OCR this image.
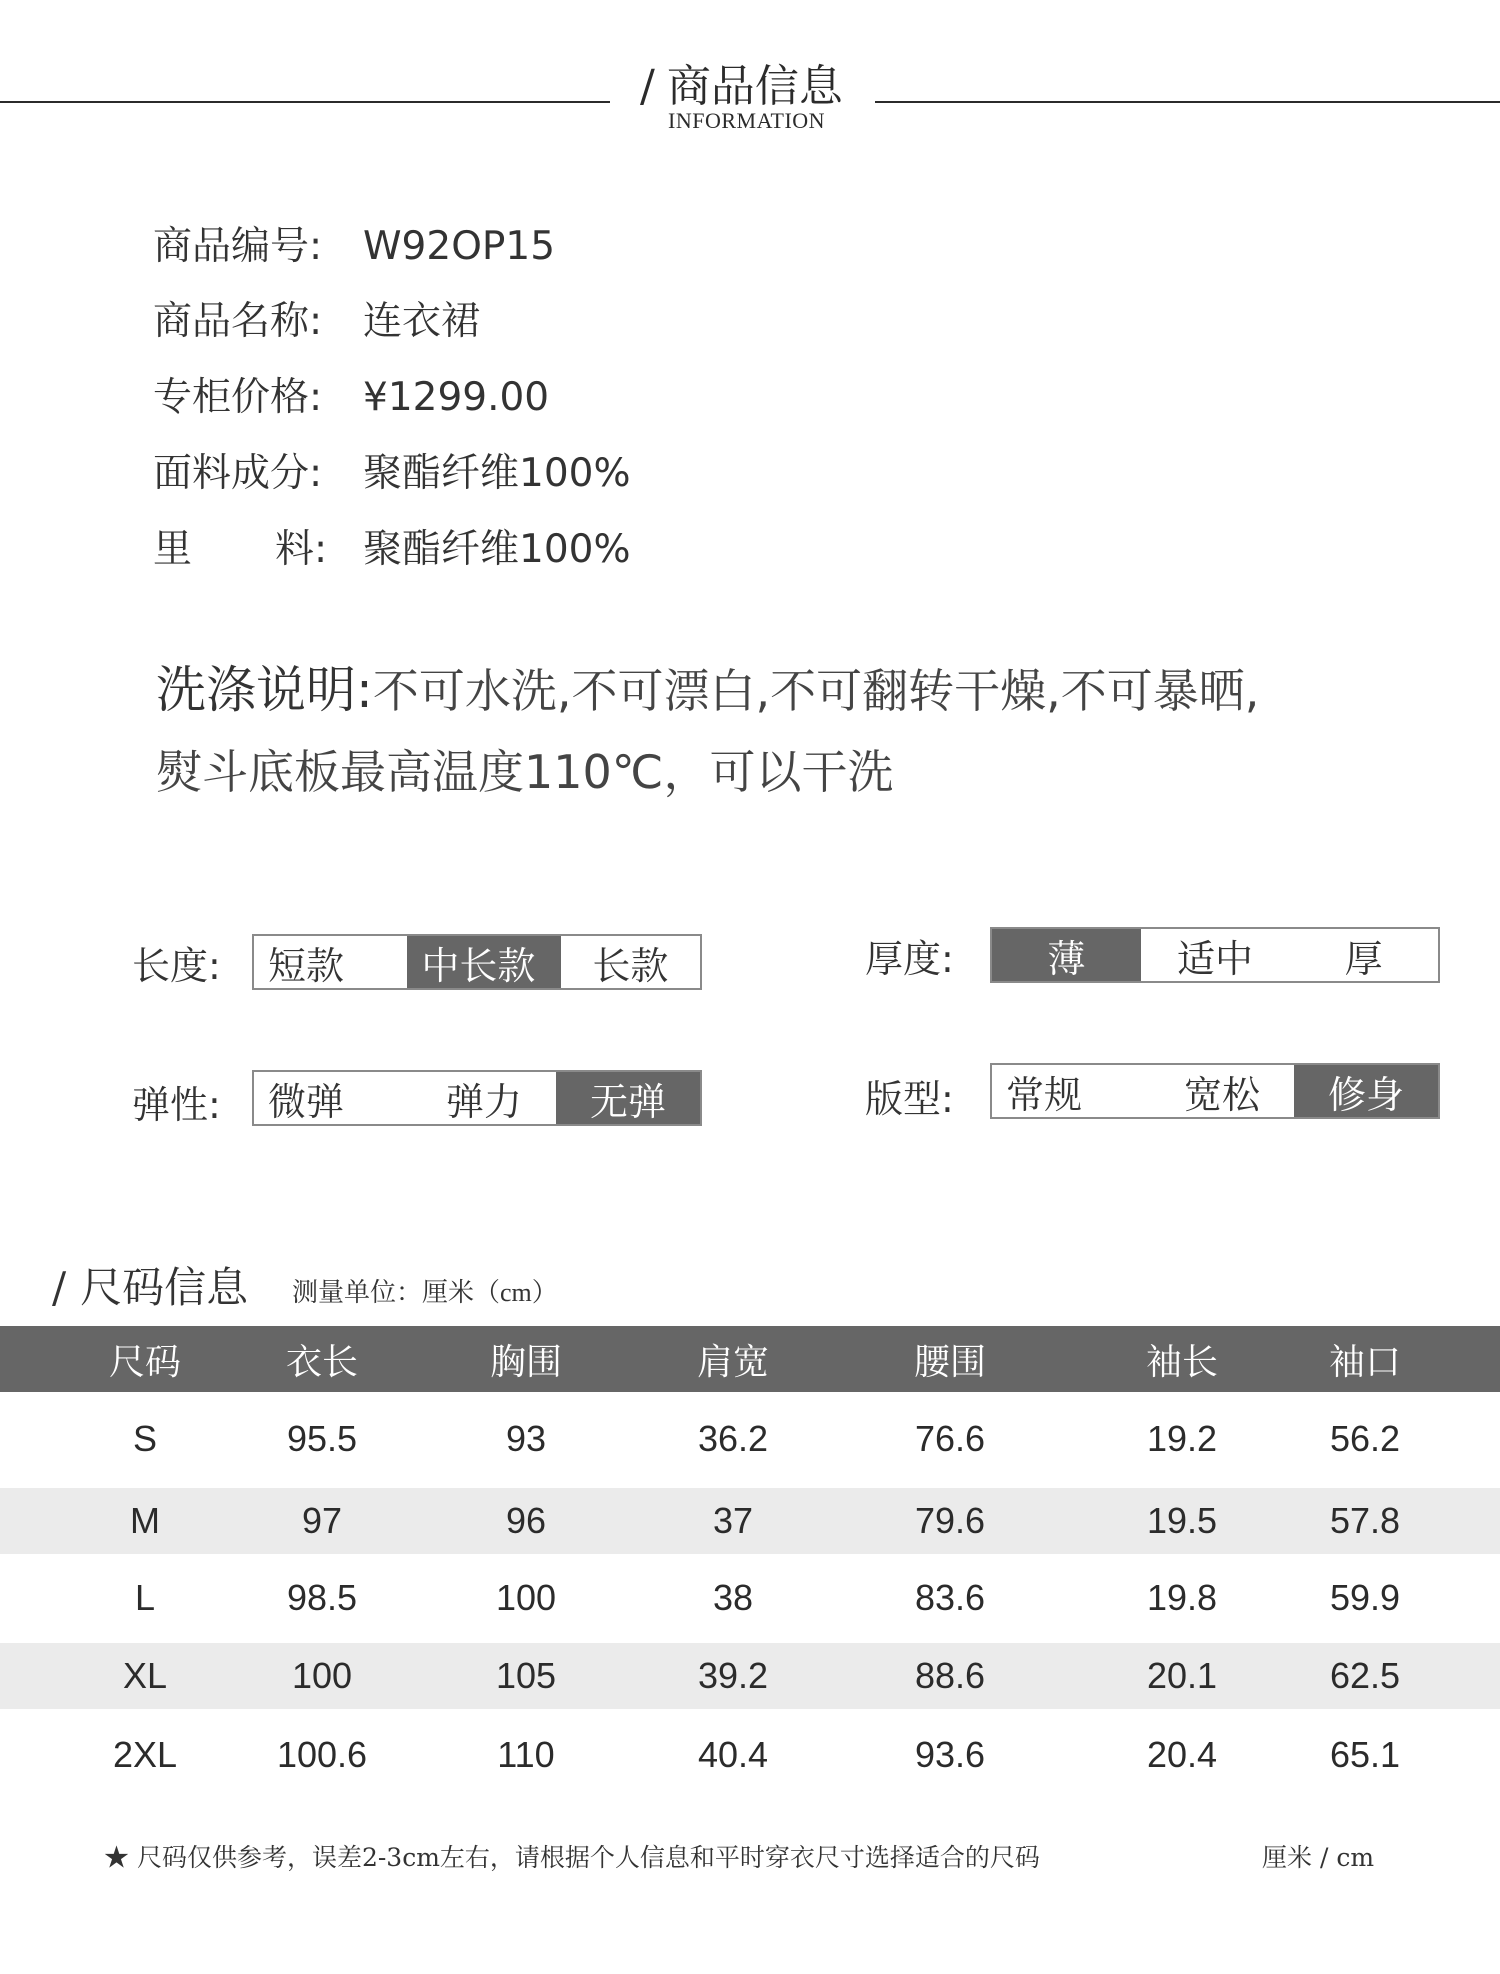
/ 商品信息
INFORMATION
商品编号: W92OP15
商品名称: 连衣裙
专柜价格: ¥1299.00
面料成分: 聚酯纤维100%
里 料: 聚酯纤维100%
洗涤说明:不可水洗,不可漂白,不可翻转干燥,不可暴晒,
熨斗底板最高温度110℃，可以干洗
长度:	短款	中长款	长款	厚度:	薄	适中	厚
弹性:	微弹	弹力	无弹	版型:	常规	宽松	修身
/ 尺码信息 测量单位：厘米（cm）
尺码	衣长	胸围	肩宽	腰围	袖长	袖口
S	95.5	93	36.2	76.6	19.2	56.2
M	97	96	37	79.6	19.5	57.8
L	98.5	100	38	83.6	19.8	59.9
XL	100	105	39.2	88.6	20.1	62.5
2XL	100.6	110	40.4	93.6	20.4	65.1
★ 尺码仅供参考，误差2-3cm左右，请根据个人信息和平时穿衣尺寸选择适合的尺码	厘米 / cm
